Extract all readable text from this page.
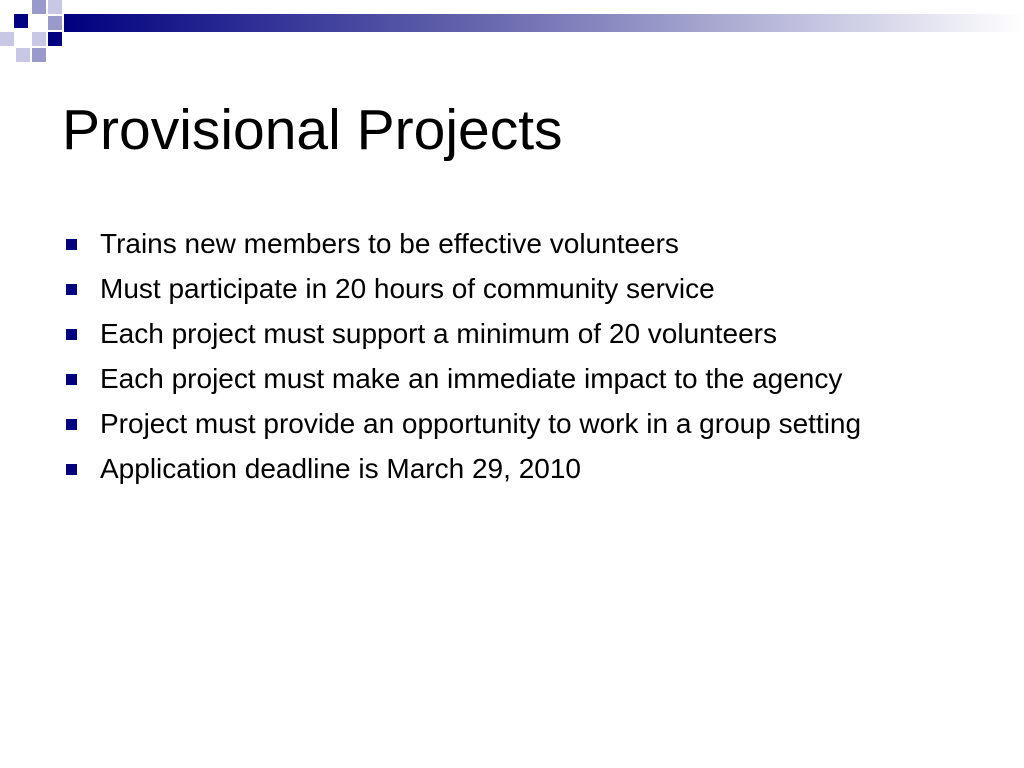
Provisional Projects
Trains new members to be effective volunteers
Must participate in 20 hours of community service
Each project must support a minimum of 20 volunteers
Each project must make an immediate impact to the agency
Project must provide an opportunity to work in a group setting
Application deadline is March 29, 2010
